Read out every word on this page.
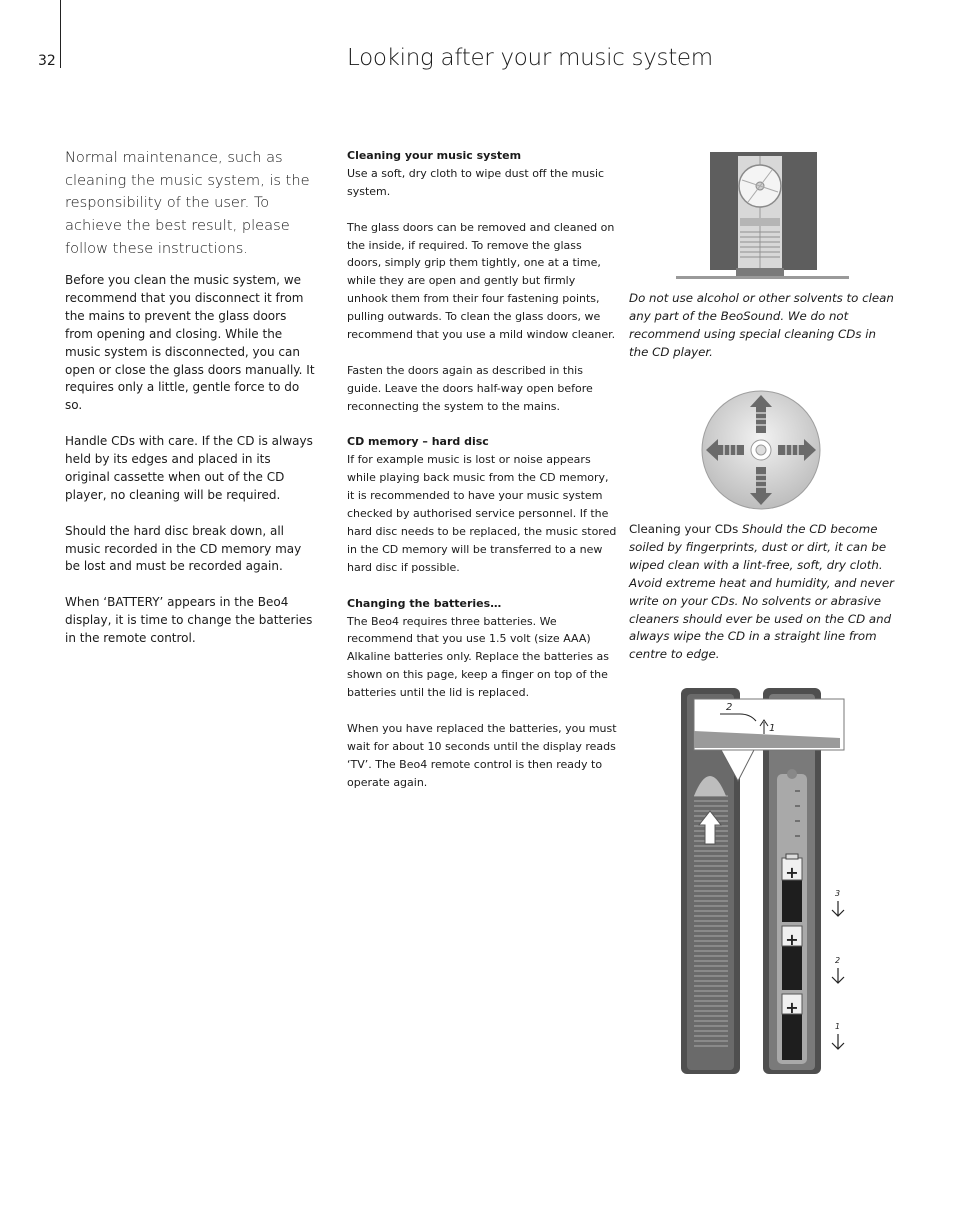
32	Looking after your music system
Normal maintenance, such as cleaning the music system, is the responsibility of the user. To achieve the best result, please follow these instructions.

Before you clean the music system, we recommend that you disconnect it from the mains to prevent the glass doors from opening and closing. While the music system is disconnected, you can open or close the glass doors manually. It requires only a little, gentle force to do so.

Handle CDs with care. If the CD is always held by its edges and placed in its original cassette when out of the CD player, no cleaning will be required.

Should the hard disc break down, all music recorded in the CD memory may be lost and must be recorded again.

When ‘BATTERY’ appears in the Beo4 display, it is time to change the batteries in the remote control.

Cleaning your music system
Use a soft, dry cloth to wipe dust off the music system.

The glass doors can be removed and cleaned on the inside, if required. To remove the glass doors, simply grip them tightly, one at a time, while they are open and gently but firmly unhook them from their four fastening points, pulling outwards. To clean the glass doors, we recommend that you use a mild window cleaner.

Fasten the doors again as described in this guide. Leave the doors half-way open before reconnecting the system to the mains.

CD memory – hard disc
If for example music is lost or noise appears while playing back music from the CD memory, it is recommended to have your music system checked by authorised service personnel. If the hard disc needs to be replaced, the music stored in the CD memory will be transferred to a new hard disc if possible.

Changing the batteries…
The Beo4 requires three batteries. We recommend that you use 1.5 volt (size AAA) Alkaline batteries only. Replace the batteries as shown on this page, keep a finger on top of the batteries until the lid is replaced.

When you have replaced the batteries, you must wait for about 10 seconds until the display reads ‘TV’. The Beo4 remote control is then ready to operate again.

Do not use alcohol or other solvents to clean any part of the BeoSound. We do not recommend using special cleaning CDs in the CD player.
Cleaning your CDs Should the CD become soiled by fingerprints, dust or dirt, it can be wiped clean with a lint-free, soft, dry cloth. Avoid extreme heat and humidity, and never write on your CDs. No solvents or abrasive cleaners should ever be used on the CD and always wipe the CD in a straight line from centre to edge.
+
+
+
2
1
3
2
1
